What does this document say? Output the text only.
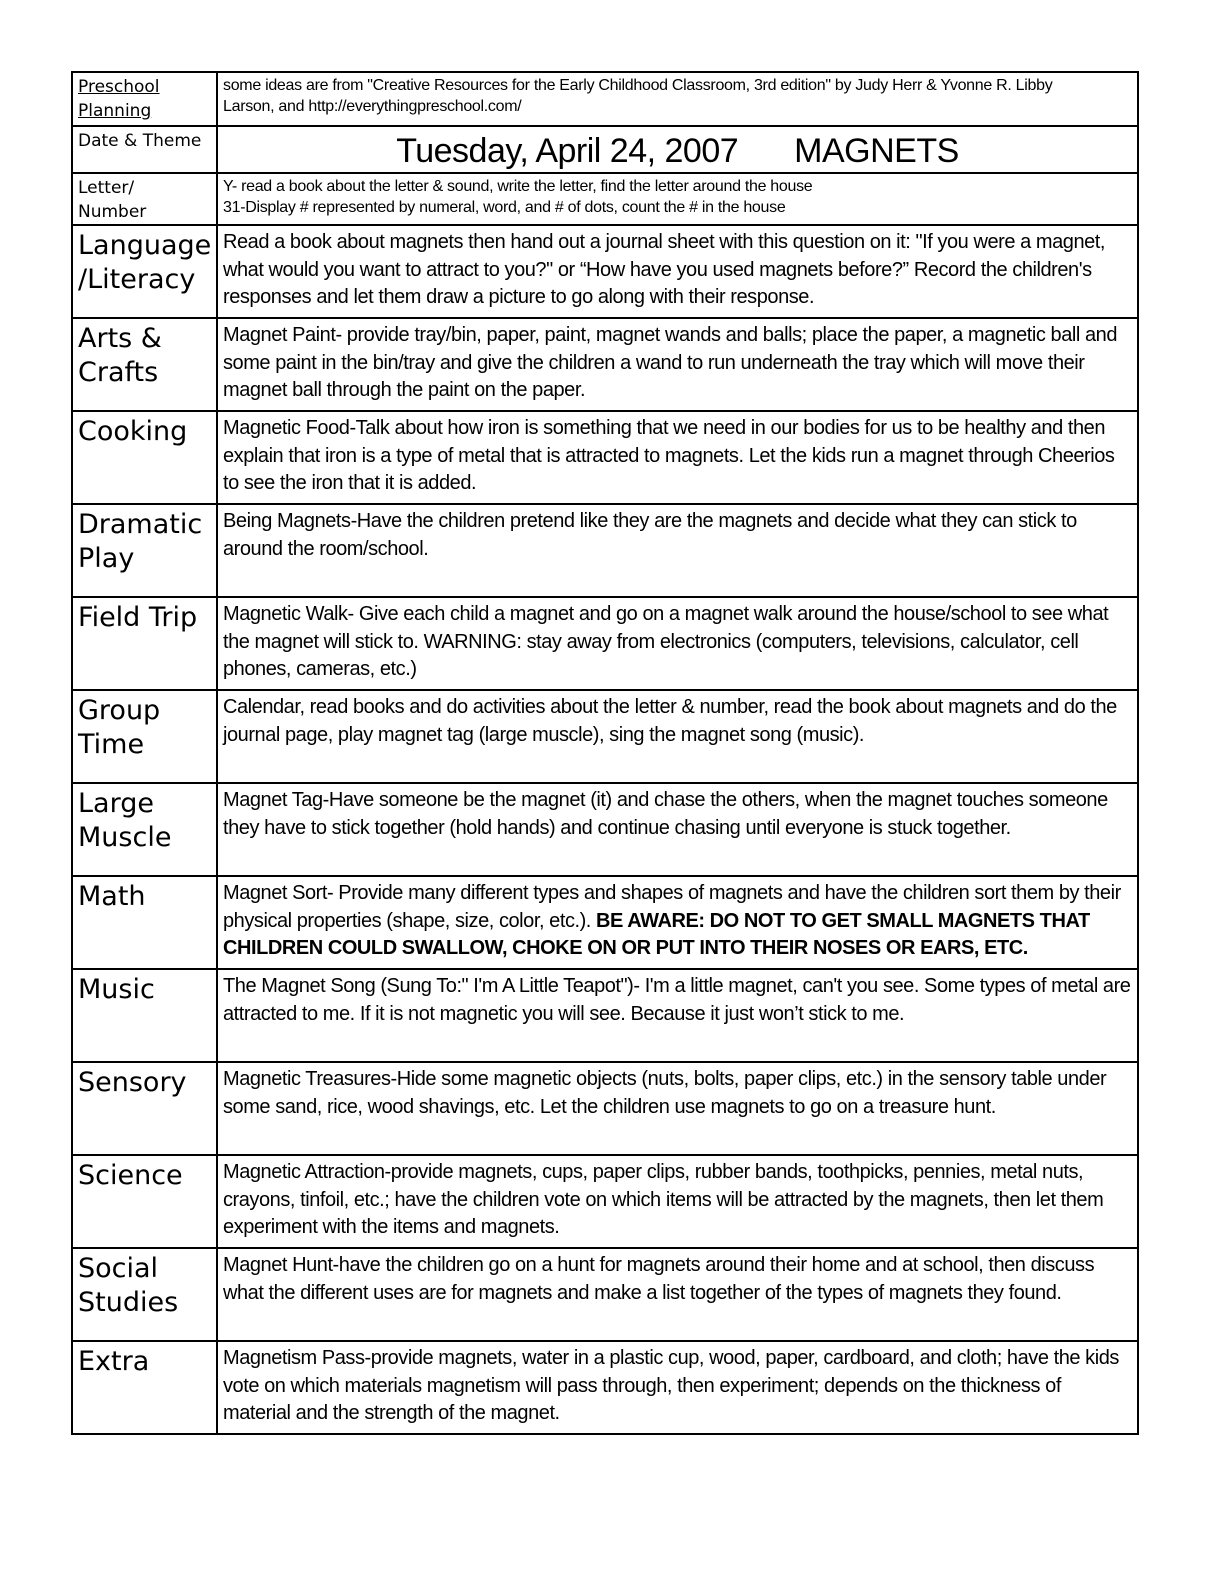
Preschool
Planning	some ideas are from "Creative Resources for the Early Childhood Classroom, 3rd edition" by Judy Herr & Yvonne R. Libby
Larson, and http://everythingpreschool.com/

Date & Theme	Tuesday, April 24, 2007 MAGNETS

Letter/
Number	Y- read a book about the letter & sound, write the letter, find the letter around the house
31-Display # represented by numeral, word, and # of dots, count the # in the house

Language
/Literacy	Read a book about magnets then hand out a journal sheet with this question on it: "If you were a magnet, what would you want to attract to you?" or “How have you used magnets before?” Record the children's responses and let them draw a picture to go along with their response.

Arts &
Crafts	Magnet Paint- provide tray/bin, paper, paint, magnet wands and balls; place the paper, a magnetic ball and some paint in the bin/tray and give the children a wand to run underneath the tray which will move their magnet ball through the paint on the paper.

Cooking	Magnetic Food-Talk about how iron is something that we need in our bodies for us to be healthy and then explain that iron is a type of metal that is attracted to magnets. Let the kids run a magnet through Cheerios to see the iron that it is added.

Dramatic
Play	Being Magnets-Have the children pretend like they are the magnets and decide what they can stick to around the room/school.

Field Trip	Magnetic Walk- Give each child a magnet and go on a magnet walk around the house/school to see what the magnet will stick to. WARNING: stay away from electronics (computers, televisions, calculator, cell phones, cameras, etc.)

Group
Time	Calendar, read books and do activities about the letter & number, read the book about magnets and do the journal page, play magnet tag (large muscle), sing the magnet song (music).

Large
Muscle	Magnet Tag-Have someone be the magnet (it) and chase the others, when the magnet touches someone they have to stick together (hold hands) and continue chasing until everyone is stuck together.

Math	Magnet Sort- Provide many different types and shapes of magnets and have the children sort them by their physical properties (shape, size, color, etc.). BE AWARE: DO NOT TO GET SMALL MAGNETS THAT CHILDREN COULD SWALLOW, CHOKE ON OR PUT INTO THEIR NOSES OR EARS, ETC.

Music	The Magnet Song (Sung To:" I'm A Little Teapot")- I'm a little magnet, can't you see. Some types of metal are attracted to me. If it is not magnetic you will see. Because it just won’t stick to me.

Sensory	Magnetic Treasures-Hide some magnetic objects (nuts, bolts, paper clips, etc.) in the sensory table under some sand, rice, wood shavings, etc. Let the children use magnets to go on a treasure hunt.

Science	Magnetic Attraction-provide magnets, cups, paper clips, rubber bands, toothpicks, pennies, metal nuts, crayons, tinfoil, etc.; have the children vote on which items will be attracted by the magnets, then let them experiment with the items and magnets.

Social
Studies	Magnet Hunt-have the children go on a hunt for magnets around their home and at school, then discuss what the different uses are for magnets and make a list together of the types of magnets they found.

Extra	Magnetism Pass-provide magnets, water in a plastic cup, wood, paper, cardboard, and cloth; have the kids vote on which materials magnetism will pass through, then experiment; depends on the thickness of material and the strength of the magnet.
